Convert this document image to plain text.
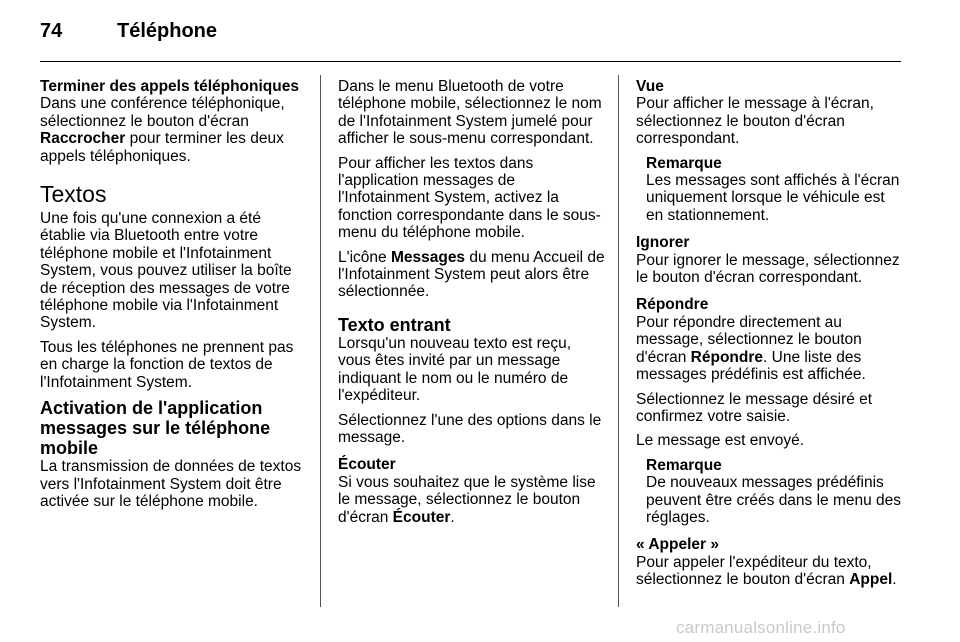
74	Téléphone
Terminer des appels téléphoniques

Dans une conférence téléphonique, sélectionnez le bouton d'écran Raccrocher pour terminer les deux appels téléphoniques.

Textos

Une fois qu'une connexion a été établie via Bluetooth entre votre téléphone mobile et l'Infotainment System, vous pouvez utiliser la boîte de réception des messages de votre téléphone mobile via l'Infotainment System.

Tous les téléphones ne prennent pas en charge la fonction de textos de l'Infotainment System.

Activation de l'application messages sur le téléphone mobile

La transmission de données de textos vers l'Infotainment System doit être activée sur le téléphone mobile.

Dans le menu Bluetooth de votre téléphone mobile, sélectionnez le nom de l'Infotainment System jumelé pour afficher le sous-menu correspondant.

Pour afficher les textos dans l'application messages de l'Infotainment System, activez la fonction correspondante dans le sous-menu du téléphone mobile.

L'icône Messages du menu Accueil de l'Infotainment System peut alors être sélectionnée.

Texto entrant

Lorsqu'un nouveau texto est reçu, vous êtes invité par un message indiquant le nom ou le numéro de l'expéditeur.

Sélectionnez l'une des options dans le message.

Écouter

Si vous souhaitez que le système lise le message, sélectionnez le bouton d'écran Écouter.

Vue

Pour afficher le message à l'écran, sélectionnez le bouton d'écran correspondant.

Remarque
Les messages sont affichés à l'écran uniquement lorsque le véhicule est en stationnement.
Ignorer

Pour ignorer le message, sélectionnez le bouton d'écran correspondant.

Répondre

Pour répondre directement au message, sélectionnez le bouton d'écran Répondre. Une liste des messages prédéfinis est affichée.

Sélectionnez le message désiré et confirmez votre saisie.

Le message est envoyé.

Remarque
De nouveaux messages prédéfinis peuvent être créés dans le menu des réglages.
« Appeler »

Pour appeler l'expéditeur du texto, sélectionnez le bouton d'écran Appel.

carmanualsonline.info
